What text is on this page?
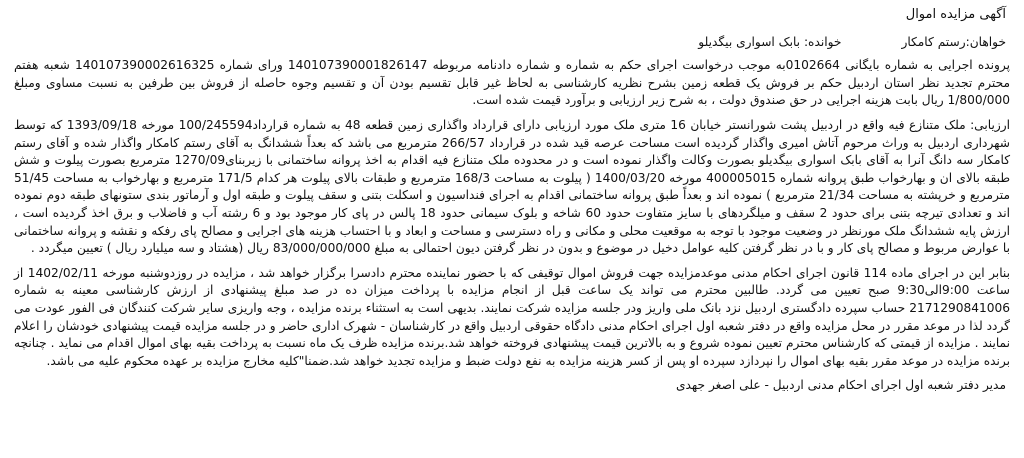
آگهی مزایده اموال
خواهان:رستم کامکار
خوانده: بابک اسواری بیگدیلو

پرونده اجرایی به شماره بایگانی 0102664به موجب درخواست اجرای حکم به شماره و شماره دادنامه مربوطه 140107390001826147 ورای شماره 140107390002616325 شعبه هفتم محترم تجدید نظر استان اردبیل حکم بر فروش یک قطعه زمین بشرح نظریه کارشناسی به لحاظ غیر قابل تقسیم بودن آن و تقسیم وجوه حاصله از فروش بین طرفین به نسبت مساوی ومبلغ 1/800/000 ریال بابت هزینه اجرایی در حق صندوق دولت ، به شرح زیر ارزیابی و برآورد قیمت شده است.

ارزیابی: ملک متنازع فیه واقع در اردبیل پشت شورانستر خیابان 16 متری ملک مورد ارزیابی دارای قرارداد واگذاری زمین قطعه 48 به شماره قرارداد100/245594 مورخه 1393/09/18 که توسط شهرداری اردبیل به وراث مرحوم آتاش امیری واگذار گردیده است مساحت عرصه قید شده در قرارداد 266/57 مترمربع می باشد که بعداً ششدانگ به آقای رستم کامکار واگذار شده و آقای رستم کامکار سه دانگ آنرا به آقای بابک اسواری بیگدیلو بصورت وکالت واگذار نموده است و در محدوده ملک متنازع فیه اقدام به اخذ پروانه ساختمانی با زیربنای1270/09 مترمربع بصورت پیلوت و شش طبقه بالای ان و بهارخواب طبق پروانه شماره 400005015 مورخه 1400/03/20 ( پیلوت به مساحت 168/3 مترمربع و طبقات بالای پیلوت هر کدام 171/5 مترمربع و بهارخواب به مساحت 51/45 مترمربع و خرپشته به مساحت 21/34 مترمربع ) نموده اند و بعداً طبق پروانه ساختمانی اقدام به اجرای فنداسیون و اسکلت بتنی و سقف پیلوت و طبقه اول و آرماتور بندی ستونهای طبقه دوم نموده اند و تعدادی تیرچه بتنی برای حدود 2 سقف و میلگردهای با سایز متفاوت حدود 60 شاخه و بلوک سیمانی حدود 18 پالس در پای کار موجود بود و 6 رشته آب و فاضلاب و برق اخذ گردیده است ، ارزش پایه ششدانگ ملک مورنظر در وضعیت موجود با توجه به موقعیت محلی و مکانی و راه دسترسی و مساحت و ابعاد و با احتساب هزینه های اجرایی و مصالح پای رفکه و نقشه و پروانه ساختمانی با عوارض مربوط و مصالح پای کار و با در نظر گرفتن کلیه عوامل دخیل در موضوع و بدون در نظر گرفتن دیون احتمالی به مبلغ 83/000/000/000 ریال (هشتاد و سه میلیارد ریال ) تعیین میگردد .

بنابر این در اجرای ماده 114 قانون اجرای احکام مدنی موعدمزایده جهت فروش اموال توقیفی که با حضور نماینده محترم دادسرا برگزار خواهد شد ، مزایده در روزدوشنبه مورخه 1402/02/11 از ساعت 9:00الی9:30 صبح تعیین می گردد. طالبین محترم می تواند یک ساعت قبل از انجام مزایده با پرداخت میزان ده در صد مبلغ پیشنهادی از ارزش کارشناسی معینه به شماره 2171290841006 حساب سپرده دادگستری اردبیل نزد بانک ملی واریز ودر جلسه مزایده شرکت نمایند. بدیهی است به استثناء برنده مزایده ، وجه واریزی سایر شرکت کنندگان فی الفور عودت می گردد لذا در موعد مقرر در محل مزایده واقع در دفتر شعبه اول اجرای احکام مدنی دادگاه حقوقی اردبیل واقع در کارشناسان - شهرک اداری حاضر و در جلسه مزایده قیمت پیشنهادی خودشان را اعلام نمایند . مزایده از قیمتی که کارشناس محترم تعیین نموده شروع و به بالاترین قیمت پیشنهادی فروخته خواهد شد.برنده مزایده ظرف یک ماه نسبت به پرداخت بقیه بهای اموال اقدام می نماید . چنانچه برنده مزایده در موعد مقرر بقیه بهای اموال را نپردازد سپرده او پس از کسر هزینه مزایده به نفع دولت ضبط و مزایده تجدید خواهد شد.ضمنا"کلیه مخارج مزایده بر عهده محکوم علیه می باشد.

مدیر دفتر شعبه اول اجرای احکام مدنی اردبیل - علی اصغر جهدی
